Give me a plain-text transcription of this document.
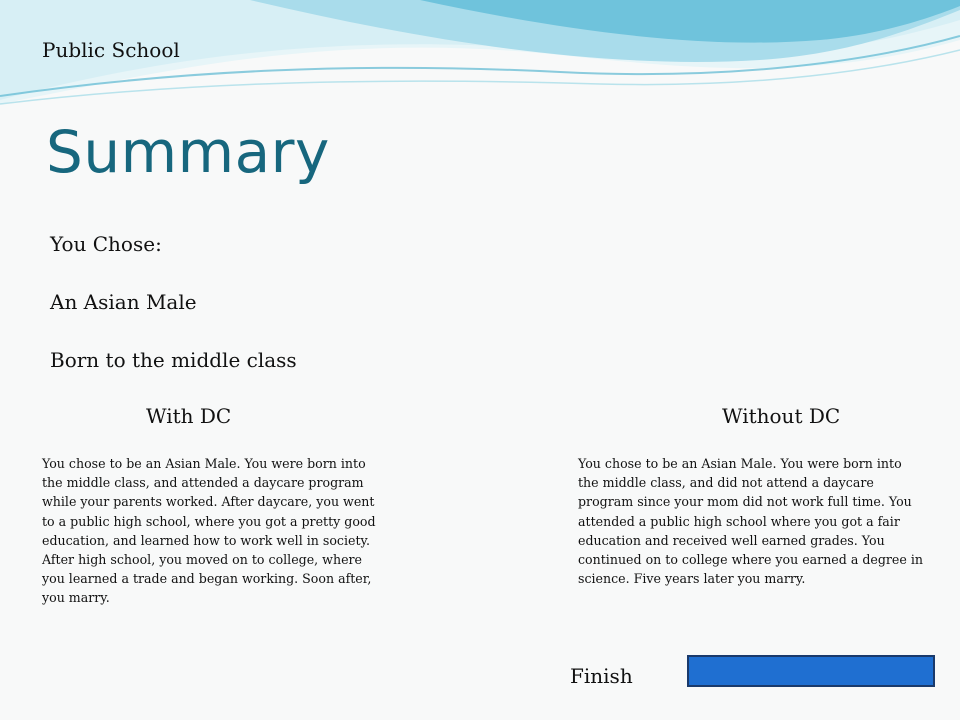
Public School
Summary
You Chose:
An Asian Male
Born to the middle class
With DC	Without DC
You chose to be an Asian Male. You were born into the middle class, and attended a daycare program while your parents worked. After daycare, you went to a public high school, where you got a pretty good education, and learned how to work well in society. After high school, you moved on to college, where you learned a trade and began working. Soon after, you marry.
You chose to be an Asian Male. You were born into the middle class, and did not attend a daycare program since your mom did not work full time. You attended a public high school where you got a fair education and received well earned grades. You continued on to college where you earned a degree in science. Five years later you marry.
Finish
